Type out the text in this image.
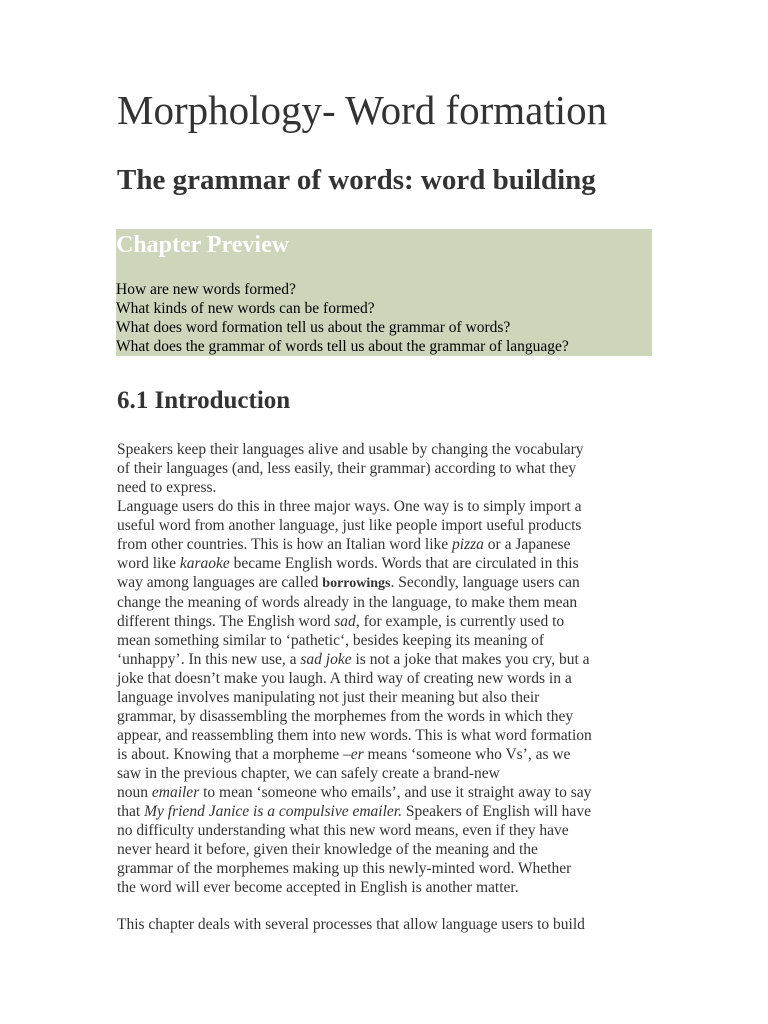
Morphology- Word formation
The grammar of words: word building
Chapter Preview
How are new words formed?
What kinds of new words can be formed?
What does word formation tell us about the grammar of words?
What does the grammar of words tell us about the grammar of language?
6.1 Introduction
Speakers keep their languages alive and usable by changing the vocabulary
of their languages (and, less easily, their grammar) according to what they
need to express.
Language users do this in three major ways. One way is to simply import a
useful word from another language, just like people import useful products
from other countries. This is how an Italian word like pizza or a Japanese
word like karaoke became English words. Words that are circulated in this
way among languages are called borrowings. Secondly, language users can
change the meaning of words already in the language, to make them mean
different things. The English word sad, for example, is currently used to
mean something similar to ‘pathetic‘, besides keeping its meaning of
‘unhappy’. In this new use, a sad joke is not a joke that makes you cry, but a
joke that doesn’t make you laugh. A third way of creating new words in a
language involves manipulating not just their meaning but also their
grammar, by disassembling the morphemes from the words in which they
appear, and reassembling them into new words. This is what word formation
is about. Knowing that a morpheme –er means ‘someone who Vs’, as we
saw in the previous chapter, we can safely create a brand-new
noun emailer to mean ‘someone who emails’, and use it straight away to say
that My friend Janice is a compulsive emailer. Speakers of English will have
no difficulty understanding what this new word means, even if they have
never heard it before, given their knowledge of the meaning and the
grammar of the morphemes making up this newly-minted word. Whether
the word will ever become accepted in English is another matter.
This chapter deals with several processes that allow language users to build
